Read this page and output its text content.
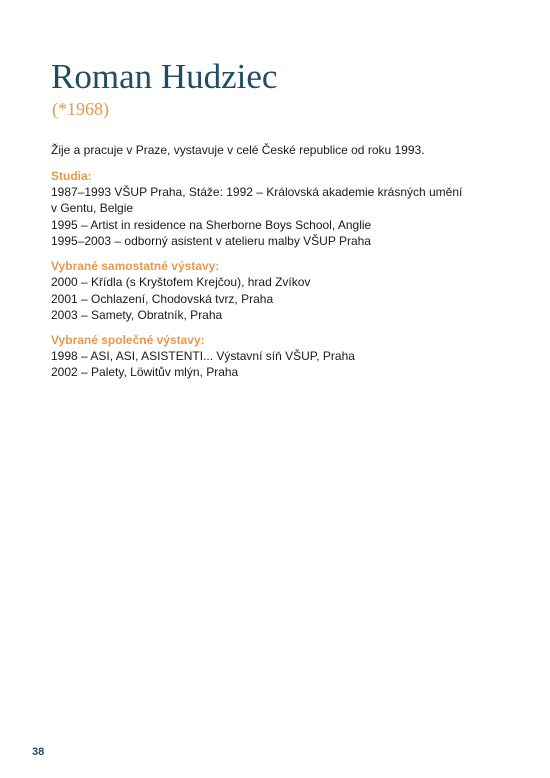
Roman Hudziec
(*1968)

Žije a pracuje v Praze, vystavuje v celé České republice od roku 1993.

Studia:

1987–1993 VŠUP Praha, Stáže: 1992 – Královská akademie krásných umění

v Gentu, Belgie

1995 – Artist in residence na Sherborne Boys School, Anglie

1995–2003 – odborný asistent v atelieru malby VŠUP Praha

Vybrané samostatné výstavy:

2000 – Křídla (s Kryštofem Krejčou), hrad Zvíkov

2001 – Ochlazení, Chodovská tvrz, Praha

2003 – Samety, Obratník, Praha

Vybrané společné výstavy:

1998 – ASI, ASI, ASISTENTI... Výstavní síň VŠUP, Praha

2002 – Palety, Löwitův mlýn, Praha

38
